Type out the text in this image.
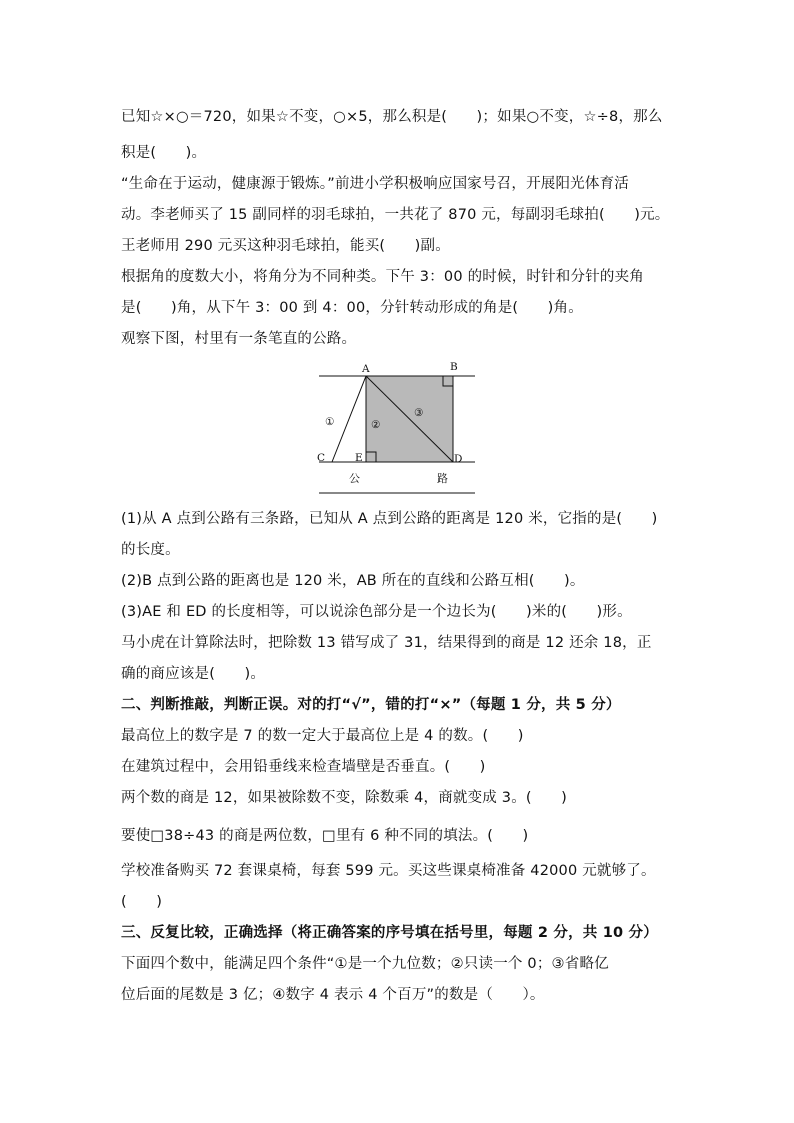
已知☆×○＝720，如果☆不变，○×5，那么积是(　　)；如果○不变，☆÷8，那么
积是(　　)。
“生命在于运动，健康源于锻炼。”前进小学积极响应国家号召，开展阳光体育活
动。李老师买了 15 副同样的羽毛球拍，一共花了 870 元，每副羽毛球拍(　　)元。
王老师用 290 元买这种羽毛球拍，能买(　　)副。
根据角的度数大小，将角分为不同种类。下午 3：00 的时候，时针和分针的夹角
是(　　)角，从下午 3：00 到 4：00，分针转动形成的角是(　　)角。
观察下图，村里有一条笔直的公路。
A	B
C	D
E
①	②
③
公	路
(1)从 A 点到公路有三条路，已知从 A 点到公路的距离是 120 米，它指的是(　　)
的长度。
(2)B 点到公路的距离也是 120 米，AB 所在的直线和公路互相(　　)。
(3)AE 和 ED 的长度相等，可以说涂色部分是一个边长为(　　)米的(　　)形。
马小虎在计算除法时，把除数 13 错写成了 31，结果得到的商是 12 还余 18，正
确的商应该是(　　)。
二、判断推敲，判断正误。对的打“√”，错的打“×”（每题 1 分，共 5 分）
最高位上的数字是 7 的数一定大于最高位上是 4 的数。(　　)
在建筑过程中，会用铅垂线来检查墙壁是否垂直。(　　)
两个数的商是 12，如果被除数不变，除数乘 4，商就变成 3。(　　)
要使□38÷43 的商是两位数，□里有 6 种不同的填法。(　　)
学校准备购买 72 套课桌椅，每套 599 元。买这些课桌椅准备 42000 元就够了。
(　　)
三、反复比较，正确选择（将正确答案的序号填在括号里，每题 2 分，共 10 分）
下面四个数中，能满足四个条件“①是一个九位数；②只读一个 0；③省略亿
位后面的尾数是 3 亿；④数字 4 表示 4 个百万”的数是（　　）。
